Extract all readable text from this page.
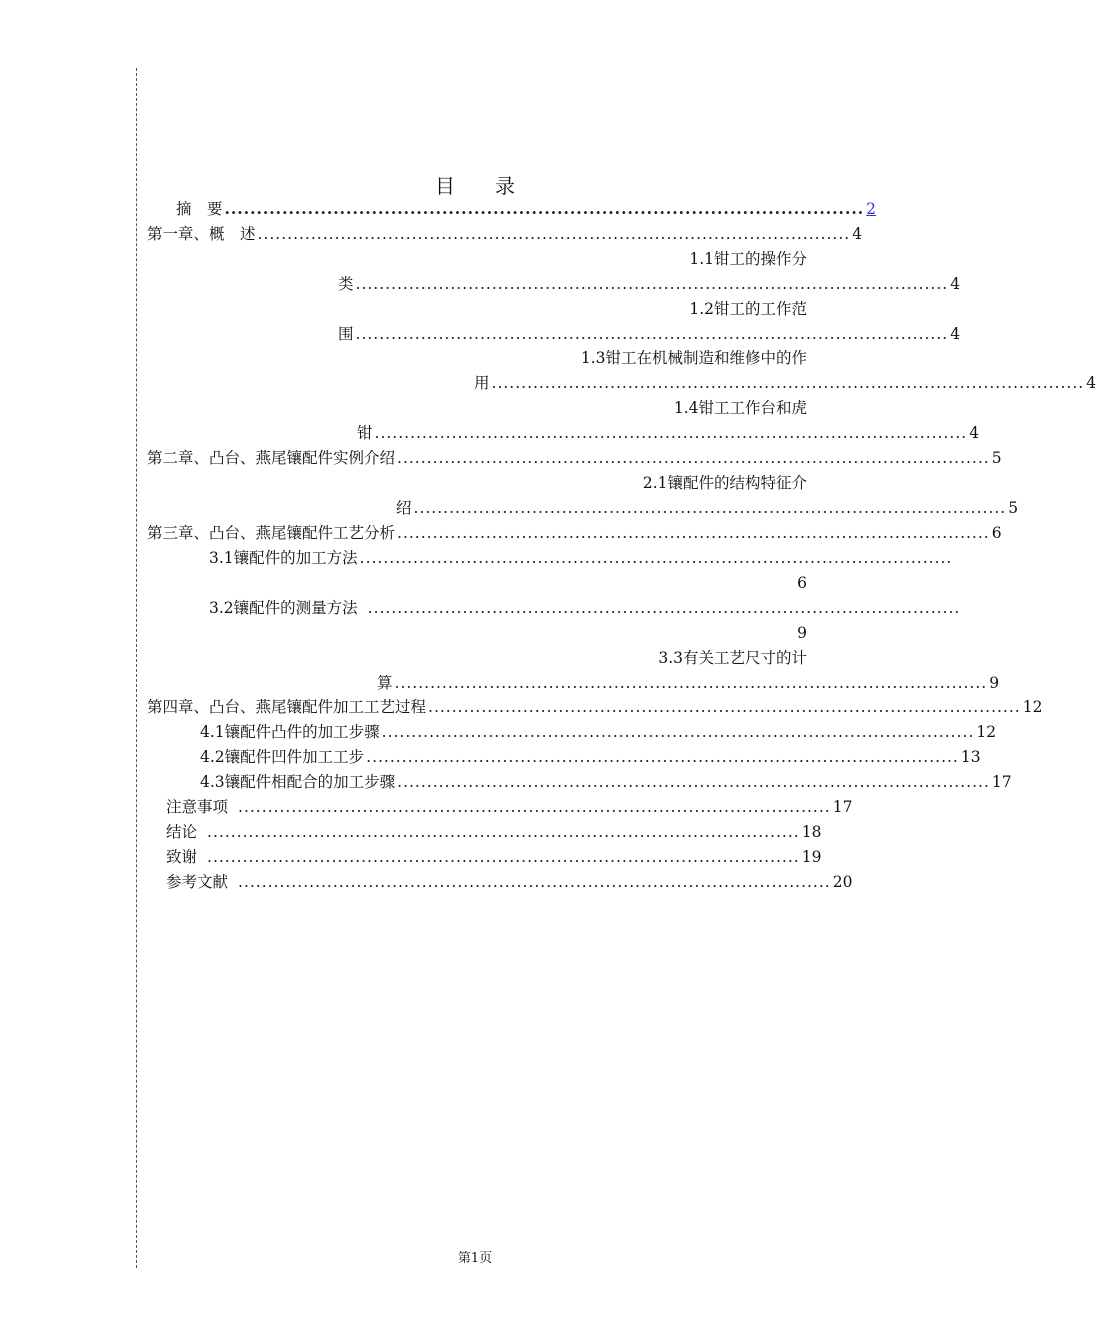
目 录
摘　要 .................................................................................................... 2
第一章、概　述 .................................................................................................... 4
1.1钳工的操作分
类 .................................................................................................... 4
1.2钳工的工作范
围 .................................................................................................... 4
1.3钳工在机械制造和维修中的作
用 .................................................................................................... 4
1.4钳工工作台和虎
钳 .................................................................................................... 4
第二章、凸台、燕尾镶配件实例介绍 .................................................................................................... 5
2.1镶配件的结构特征介
绍 .................................................................................................... 5
第三章、凸台、燕尾镶配件工艺分析 .................................................................................................... 6
3.1镶配件的加工方法 ....................................................................................................
6
3.2镶配件的测量方法 ....................................................................................................
9
3.3有关工艺尺寸的计
算 .................................................................................................... 9
第四章、凸台、燕尾镶配件加工工艺过程 .................................................................................................... 12
4.1镶配件凸件的加工步骤 .................................................................................................... 12
4.2镶配件凹件加工工步 .................................................................................................... 13
4.3镶配件相配合的加工步骤 .................................................................................................... 17
注意事项 .................................................................................................... 17
结论 .................................................................................................... 18
致谢 .................................................................................................... 19
参考文献 .................................................................................................... 20
第1页
